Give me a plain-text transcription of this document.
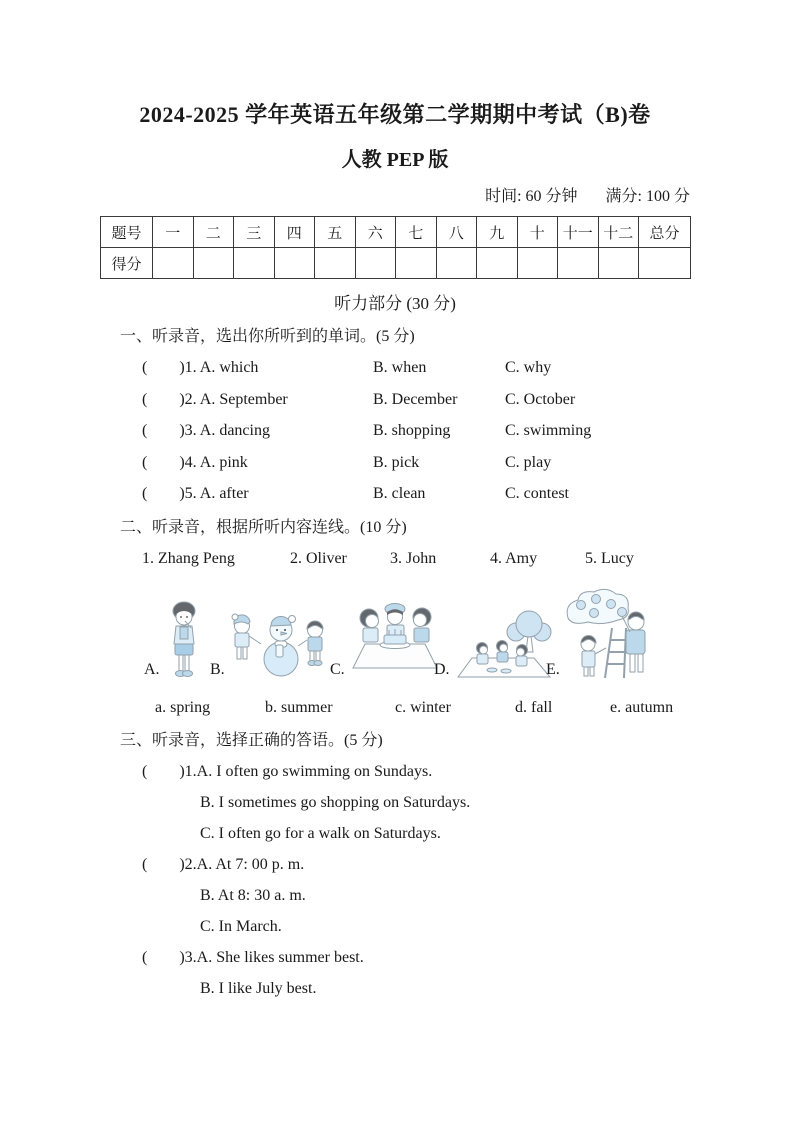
2024-2025 学年英语五年级第二学期期中考试（B)卷
人教 PEP 版
时间: 60 分钟 满分: 100 分
题号	一	二	三	四	五	六	七	八	九	十	十一	十二	总分
得分													
听力部分 (30 分)
一、听录音，选出你所听到的单词。(5 分)
(　　)1. A. which	B. when	C. why
(　　)2. A. September	B. December	C. October
(　　)3. A. dancing	B. shopping	C. swimming
(　　)4. A. pink	B. pick	C. play
(　　)5. A. after	B. clean	C. contest
二、听录音，根据所听内容连线。(10 分)
1. Zhang Peng	2. Oliver	3. John	4. Amy	5. Lucy
A.	B.	C.	D.	E.
a. spring	b. summer	c. winter	d. fall	e. autumn
三、听录音，选择正确的答语。(5 分)
(　　)1.A. I often go swimming on Sundays.
B. I sometimes go shopping on Saturdays.
C. I often go for a walk on Saturdays.
(　　)2.A. At 7: 00 p. m.
B. At 8: 30 a. m.
C. In March.
(　　)3.A. She likes summer best.
B. I like July best.
